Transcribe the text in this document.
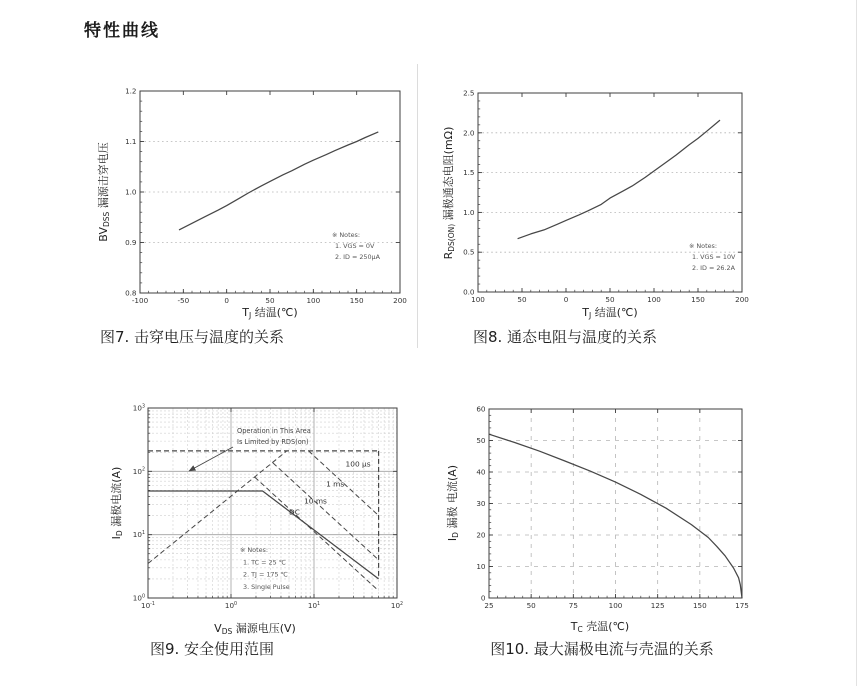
特性曲线
-100	-50	0	50	100	150	200
0.8
0.9
1.0
1.1
1.2
TJ 结温(℃)
BVDSS 漏源击穿电压
※ Notes:
1. VGS = 0V
2. ID = 250μA
100	50	0	50	100	150	200
0.0
0.5
1.0
1.5
2.0
2.5
TJ 结温(℃)
RDS(ON) 漏极通态电阻(mΩ)
※ Notes:
1. VGS = 10V
2. ID = 26.2A
$10^{-1}$	$10^0$	$10^1$	$10^2$
$10^0$
$10^1$
$10^2$
$10^3$
VDS 漏源电压(V)
ID 漏极电流(A)
※ Notes:
1. TC = 25 ℃
2. TJ = 175 ℃
3. Single Pulse
100 μs
1 ms
10 ms
DC
Operation in This Area
Is Limited by RDS(on)
25	50	75	100	125	150	175
0
10
20
30
40
50
60
TC 壳温(℃)
ID 漏极 电流(A)
图7. 击穿电压与温度的关系	图8. 通态电阻与温度的关系
图9. 安全使用范围	图10. 最大漏极电流与壳温的关系
